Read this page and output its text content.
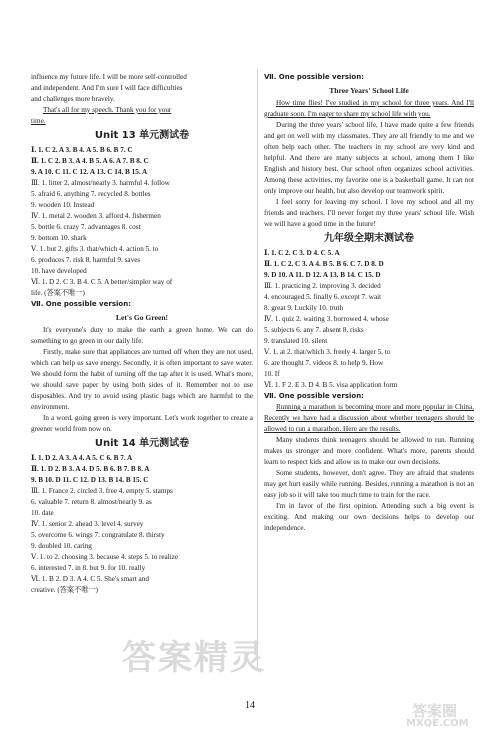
influence my future life. I will be more self-controlled
and independent. And I'm sure I will face difficulties
and challenges more bravely.
That's all for my speech. Thank you for your
time.
Unit 13 单元测试卷
Ⅰ. 1. C 2. A 3. B 4. A 5. B 6. B 7. C
Ⅱ. 1. C 2. B 3. A 4. B 5. A 6. A 7. B 8. C
9. A 10. C 11. C 12. A 13. C 14. B 15. A
Ⅲ. 1. litter 2. almost/nearly 3. harmful 4. follow
5. afraid 6. anything 7. recycled 8. bottles
9. wooden 10. Instead
Ⅳ. 1. metal 2. wooden 3. afford 4. fishermen
5. bottle 6. crazy 7. advantages 8. cost
9. bottom 10. shark
Ⅴ. 1. but 2. gifts 3. that/which 4. action 5. to
6. produces 7. risk 8. harmful 9. saves
10. have developed
Ⅵ. 1. D 2. C 3. B 4. C 5. A better/simpler way of
life. (答案不唯一)
Ⅶ. One possible version:
Let's Go Green!
It's everyone's duty to make the earth a green home. We can do something to go green in our daily life.
Firstly, make sure that appliances are turned off when they are not used, which can help us save energy. Secondly, it is often important to save water. We should form the habit of turning off the tap after it is used. What's more, we should save paper by using both sides of it. Remember not to use disposables. And try to avoid using plastic bags which are harmful to the environment.
In a word, going green is very important. Let's work together to create a greener world from now on.
Unit 14 单元测试卷
Ⅰ. 1. D 2. A 3. A 4. A 5. C 6. B 7. A
Ⅱ. 1. D 2. B 3. A 4. D 5. B 6. B 7. B 8. A
9. B 10. D 11. C 12. D 13. B 14. B 15. C
Ⅲ. 1. France 2. circled 3. free 4. empty 5. stamps
6. valuable 7. return 8. almost/nearly 9. as
10. date
Ⅳ. 1. senior 2. ahead 3. level 4. survey
5. overcome 6. wings 7. congratulate 8. thirsty
9. doubled 10. caring
Ⅴ. 1. to 2. choosing 3. because 4. steps 5. to realize
6. interested 7. in 8. but 9. for 10. really
Ⅵ. 1. B 2. D 3. A 4. C 5. She's smart and
creative. (答案不唯一)
Ⅶ. One possible version:
Three Years' School Life
How time flies! I've studied in my school for three years. And I'll graduate soon. I'm eager to share my school life with you.
During the three years' school life, I have made quite a few friends and get on well with my classmates. They are all friendly to me and we often help each other. The teachers in my school are very kind and helpful. And there are many subjects at school, among them I like English and history best. Our school often organizes school activities. Among these activities, my favorite one is a basketball game. It can not only improve our health, but also develop our teamwork spirit.
I feel sorry for leaving my school. I love my school and all my friends and teachers. I'll never forget my three years' school life. Wish we will have a good time in the future!
九年级全期末测试卷
Ⅰ. 1. C 2. C 3. D 4. C 5. A
Ⅱ. 1. C 2. C 3. A 4. B 5. B 6. C 7. D 8. D
9. D 10. A 11. D 12. A 13. B 14. C 15. D
Ⅲ. 1. practicing 2. improving 3. decided
4. encouraged 5. finally 6. except 7. wait
8. great 9. Luckily 10. truth
Ⅳ. 1. quiz 2. waiting 3. borrowed 4. whose
5. subjects 6. any 7. absent 8. risks
9. translated 10. silent
Ⅴ. 1. at 2. that/which 3. freely 4. larger 5. to
6. are thought 7. videos 8. to help 9. How
10. If
Ⅵ. 1. F 2. E 3. D 4. B 5. visa application form
Ⅶ. One possible version:
Running a marathon is becoming more and more popular in China. Recently we have had a discussion about whether teenagers should be allowed to run a marathon. Here are the results.
Many students think teenagers should be allowed to run. Running makes us stronger and more confident. What's more, parents should learn to respect kids and allow us to make our own decisions.
Some students, however, don't agree. They are afraid that students may get hurt easily while running. Besides, running a marathon is not an easy job so it will take too much time to train for the race.
I'm in favor of the first opinion. Attending such a big event is exciting. And making our own decisions helps to develop our independence.
答案精灵
14	答案圈
MXQE.COM
